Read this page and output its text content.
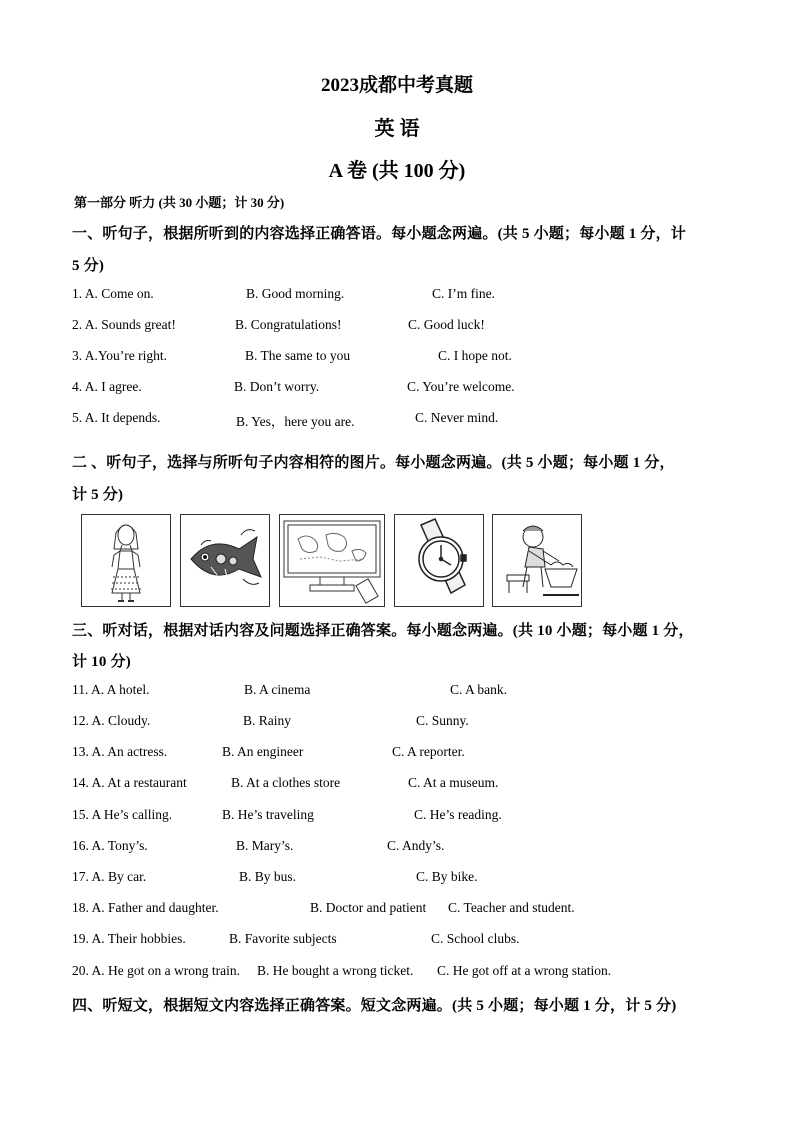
2023成都中考真题
英 语
A 卷 (共 100 分)
第一部分 听力 (共 30 小题；计 30 分)
一、听句子，根据所听到的内容选择正确答语。每小题念两遍。(共 5 小题；每小题 1 分，计
5 分)
1. A. Come on.	B. Good morning.	C. I’m fine.
2. A. Sounds great!	B. Congratulations!	C. Good luck!
3. A.You’re right.	B. The same to you	C. I hope not.
4. A. I agree.	B. Don’t worry.	C. You’re welcome.
5. A. It depends.	B. Yes，here you are.	C. Never mind.
二 、听句子，选择与所听句子内容相符的图片。每小题念两遍。(共 5 小题；每小题 1 分，
计 5 分)
三、听对话，根据对话内容及问题选择正确答案。每小题念两遍。(共 10 小题；每小题 1 分，
计 10 分)
11. A. A hotel.	B. A cinema	C. A bank.
12. A. Cloudy.	B. Rainy	C. Sunny.
13. A. An actress.	B. An engineer	C. A reporter.
14. A. At a restaurant	B. At a clothes store	C. At a museum.
15. A He’s calling.	B. He’s traveling	C. He’s reading.
16. A. Tony’s.	B. Mary’s.	C. Andy’s.
17. A. By car.	B. By bus.	C. By bike.
18. A. Father and daughter.	B. Doctor and patient C. Teacher and student.
19. A. Their hobbies.	B. Favorite subjects	C. School clubs.
20. A. He got on a wrong train. B. He bought a wrong ticket. C. He got off at a wrong station.
四、听短文，根据短文内容选择正确答案。短文念两遍。(共 5 小题；每小题 1 分，计 5 分)
